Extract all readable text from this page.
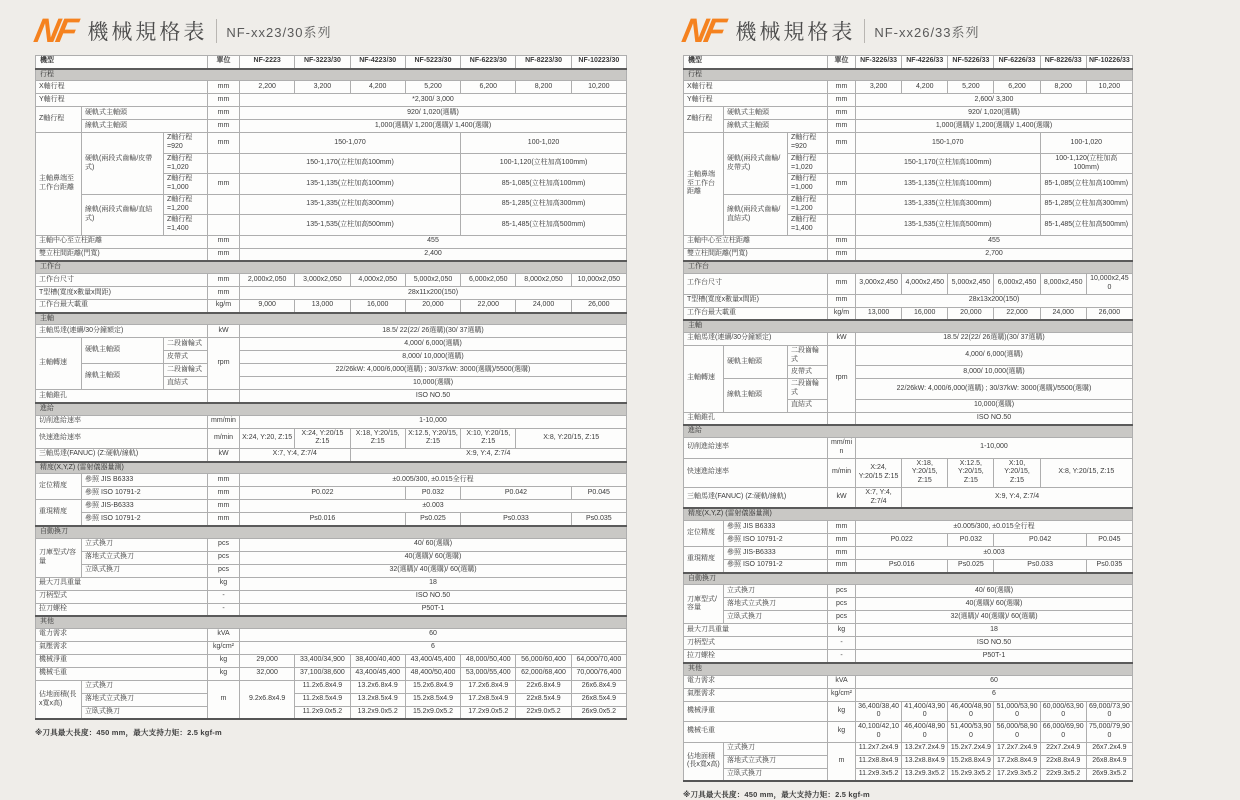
NF 機械規格表 NF-xx23/30系列
機型			單位	NF-2223	NF-3223/30	NF-4223/30	NF-5223/30	NF-6223/30	NF-8223/30	NF-10223/30
行程										
X軸行程			mm	2,200	3,200	4,200	5,200	6,200	8,200	10,200
Y軸行程			mm	*2,300/ 3,000						
Z軸行程	硬軌式主軸頭		mm	920/ 1,020(選購)						
	線軌式主軸頭		mm	1,000(選購)/ 1,200(選購)/ 1,400(選購)						
主軸鼻端至工作台距離	硬軌(兩段式齒輪/皮帶式)	Z軸行程=920	mm	150-1,070				100-1,020		
		Z軸行程=1,020		150-1,170(立柱加高100mm)				100-1,120(立柱加高100mm)		
		Z軸行程=1,000	mm	135-1,135(立柱加高100mm)				85-1,085(立柱加高100mm)		
	線軌(兩段式齒輪/直結式)	Z軸行程=1,200		135-1,335(立柱加高300mm)				85-1,285(立柱加高300mm)		
		Z軸行程=1,400		135-1,535(立柱加高500mm)				85-1,485(立柱加高500mm)		
主軸中心至立柱距離			mm	455						
雙立柱間距離(門寬)			mm	2,400						
工作台										
工作台尺寸			mm	2,000x2,050	3,000x2,050	4,000x2,050	5,000x2,050	6,000x2,050	8,000x2,050	10,000x2,050
T型槽(寬度x數量x間距)			mm	28x11x200(150)						
工作台最大載重			kg/m	9,000	13,000	16,000	20,000	22,000	24,000	26,000
主軸										
主軸馬達(連續/30分鐘額定)			kW	18.5/ 22(22/ 26選購)(30/ 37選購)						
主軸轉速	硬軌主軸頭	二段齒輪式	rpm	4,000/ 6,000(選購)						
		皮帶式		8,000/ 10,000(選購)						
	線軌主軸頭	二段齒輪式		22/26kW: 4,000/6,000(選購) ; 30/37kW: 3000(選購)/5500(選購)						
		直結式		10,000(選購)						
主軸錐孔				ISO NO.50						
進給										
切削進給速率			mm/min	1-10,000						
快速進給速率			m/min	X:24, Y:20, Z:15	X:24, Y:20/15 Z:15	X:18, Y:20/15, Z:15	X:12.5, Y:20/15, Z:15	X:10, Y:20/15, Z:15	X:8, Y:20/15, Z:15	
三軸馬達(FANUC) (Z:硬軌/線軌)			kW	X:7, Y:4, Z:7/4		X:9, Y:4, Z:7/4				
精度(X,Y,Z) (雷射儀器量測)										
定位精度	參照 JIS B6333		mm	±0.005/300, ±0.015全行程						
	參照 ISO 10791-2		mm	P0.022			P0.032	P0.042		P0.045
重現精度	參照 JIS-B6333		mm	±0.003						
	參照 ISO 10791-2		mm	Ps0.016			Ps0.025	Ps0.033		Ps0.035
自動換刀										
刀庫型式/容量	立式換刀		pcs	40/ 60(選購)						
	落地式立式換刀		pcs	40(選購)/ 60(選購)						
	立臥式換刀		pcs	32(選購)/ 40(選購)/ 60(選購)						
最大刀具重量			kg	18						
刀柄型式			-	ISO NO.50						
拉刀螺栓			-	P50T-1						
其他										
電力需求			kVA	60						
氣壓需求			kg/cm²	6						
機械淨重			kg	29,000	33,400/34,900	38,400/40,400	43,400/45,400	48,000/50,400	56,000/60,400	64,000/70,400
機械毛重			kg	32,000	37,100/38,600	43,400/45,400	48,400/50,400	53,000/55,400	62,000/68,400	70,000/76,400
佔地面積(長x寬x高)	立式換刀		m	9.2x6.8x4.9	11.2x6.8x4.9	13.2x6.8x4.9	15.2x6.8x4.9	17.2x6.8x4.9	22x6.8x4.9	26x6.8x4.9
	落地式立式換刀				11.2x8.5x4.9	13.2x8.5x4.9	15.2x8.5x4.9	17.2x8.5x4.9	22x8.5x4.9	26x8.5x4.9
	立臥式換刀				11.2x9.0x5.2	13.2x9.0x5.2	15.2x9.0x5.2	17.2x9.0x5.2	22x9.0x5.2	26x9.0x5.2
※刀具最大長度：450 mm，最大支持力矩：2.5 kgf-m
NF 機械規格表 NF-xx26/33系列
機型			單位	NF-3226/33	NF-4226/33	NF-5226/33	NF-6226/33	NF-8226/33	NF-10226/33
行程									
X軸行程			mm	3,200	4,200	5,200	6,200	8,200	10,200
Y軸行程			mm	2,600/ 3,300					
Z軸行程	硬軌式主軸頭		mm	920/ 1,020(選購)					
	線軌式主軸頭		mm	1,000(選購)/ 1,200(選購)/ 1,400(選購)					
主軸鼻端至工作台距離	硬軌(兩段式齒輪/皮帶式)	Z軸行程=920	mm	150-1,070				100-1,020	
		Z軸行程=1,020		150-1,170(立柱加高100mm)				100-1,120(立柱加高100mm)	
		Z軸行程=1,000	mm	135-1,135(立柱加高100mm)				85-1,085(立柱加高100mm)	
	線軌(兩段式齒輪/直結式)	Z軸行程=1,200		135-1,335(立柱加高300mm)				85-1,285(立柱加高300mm)	
		Z軸行程=1,400		135-1,535(立柱加高500mm)				85-1,485(立柱加高500mm)	
主軸中心至立柱距離			mm	455					
雙立柱間距離(門寬)			mm	2,700					
工作台									
工作台尺寸			mm	3,000x2,450	4,000x2,450	5,000x2,450	6,000x2,450	8,000x2,450	10,000x2,450
T型槽(寬度x數量x間距)			mm	28x13x200(150)					
工作台最大載重			kg/m	13,000	16,000	20,000	22,000	24,000	26,000
主軸									
主軸馬達(連續/30分鐘額定)			kW	18.5/ 22(22/ 26選購)(30/ 37選購)					
主軸轉速	硬軌主軸頭	二段齒輪式	rpm	4,000/ 6,000(選購)					
		皮帶式		8,000/ 10,000(選購)					
	線軌主軸頭	二段齒輪式		22/26kW: 4,000/6,000(選購) ; 30/37kW: 3000(選購)/5500(選購)					
		直結式		10,000(選購)					
主軸錐孔				ISO NO.50					
進給									
切削進給速率			mm/min	1-10,000					
快速進給速率			m/min	X:24, Y:20/15 Z:15	X:18, Y:20/15, Z:15	X:12.5, Y:20/15, Z:15	X:10, Y:20/15, Z:15	X:8, Y:20/15, Z:15	
三軸馬達(FANUC) (Z:硬軌/線軌)			kW	X:7, Y:4, Z:7/4	X:9, Y:4, Z:7/4				
精度(X,Y,Z) (雷射儀器量測)									
定位精度	參照 JIS B6333		mm	±0.005/300, ±0.015全行程					
	參照 ISO 10791-2		mm	P0.022		P0.032	P0.042		P0.045
重現精度	參照 JIS-B6333		mm	±0.003					
	參照 ISO 10791-2		mm	Ps0.016		Ps0.025	Ps0.033		Ps0.035
自動換刀									
刀庫型式/容量	立式換刀		pcs	40/ 60(選購)					
	落地式立式換刀		pcs	40(選購)/ 60(選購)					
	立臥式換刀		pcs	32(選購)/ 40(選購)/ 60(選購)					
最大刀具重量			kg	18					
刀柄型式			-	ISO NO.50					
拉刀螺栓			-	P50T-1					
其他									
電力需求			kVA	60					
氣壓需求			kg/cm²	6					
機械淨重			kg	36,400/38,400	41,400/43,900	46,400/48,900	51,000/53,900	60,000/63,900	69,000/73,900
機械毛重			kg	40,100/42,100	46,400/48,900	51,400/53,900	56,000/58,900	66,000/69,900	75,000/79,900
佔地面積(長x寬x高)	立式換刀		m	11.2x7.2x4.9	13.2x7.2x4.9	15.2x7.2x4.9	17.2x7.2x4.9	22x7.2x4.9	26x7.2x4.9
	落地式立式換刀			11.2x8.8x4.9	13.2x8.8x4.9	15.2x8.8x4.9	17.2x8.8x4.9	22x8.8x4.9	26x8.8x4.9
	立臥式換刀			11.2x9.3x5.2	13.2x9.3x5.2	15.2x9.3x5.2	17.2x9.3x5.2	22x9.3x5.2	26x9.3x5.2
※刀具最大長度：450 mm，最大支持力矩：2.5 kgf-m
